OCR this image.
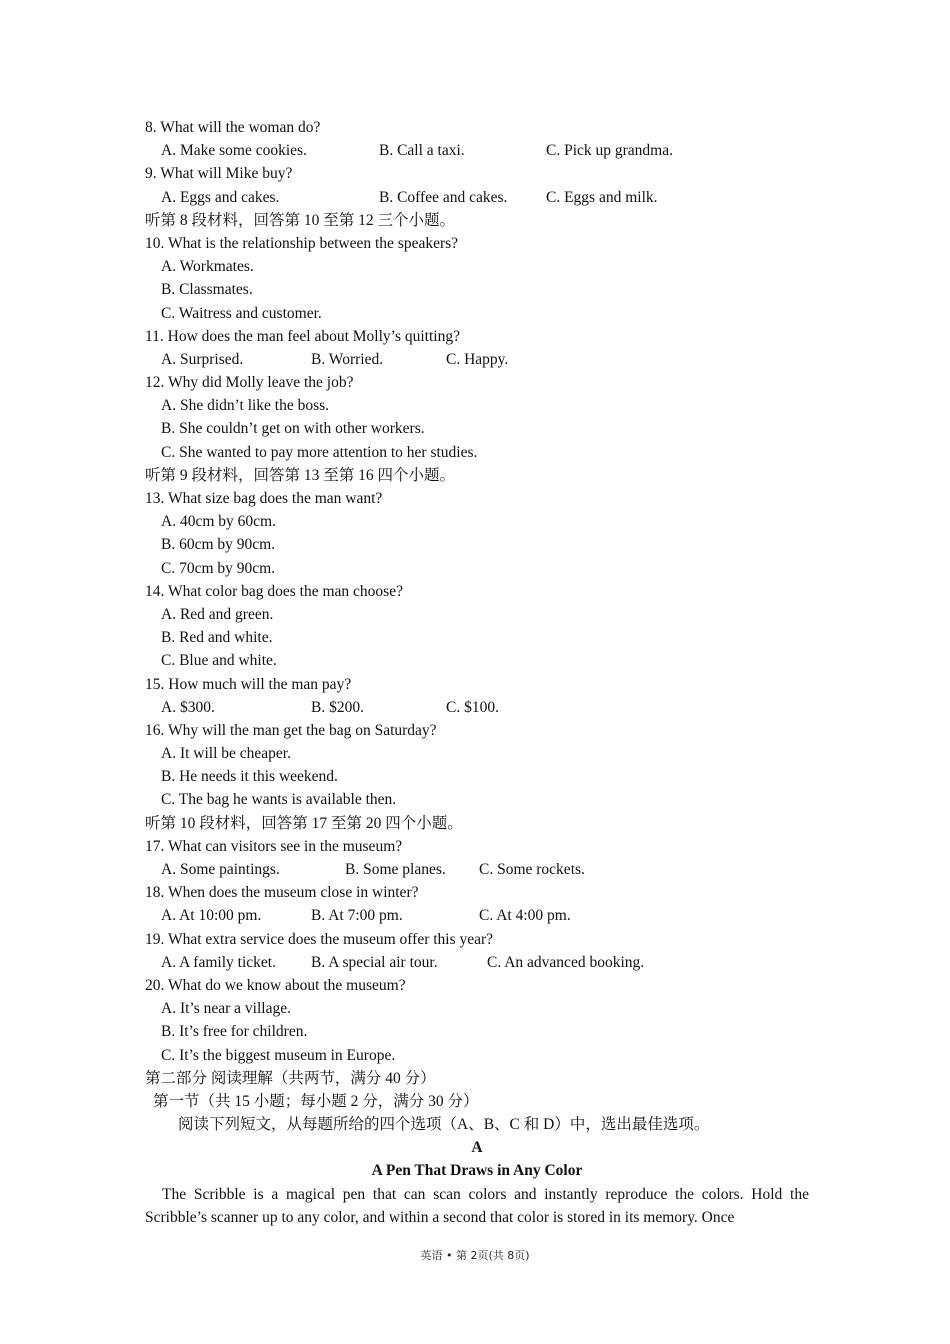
8. What will the woman do?
A. Make some cookies.	B. Call a taxi.	C. Pick up grandma.
9. What will Mike buy?
A. Eggs and cakes.	B. Coffee and cakes. C. Eggs and milk.
听第 8 段材料，回答第 10 至第 12 三个小题。
10. What is the relationship between the speakers?
A. Workmates.
B. Classmates.
C. Waitress and customer.
11. How does the man feel about Molly’s quitting?
A. Surprised.	B. Worried.	C. Happy.
12. Why did Molly leave the job?
A. She didn’t like the boss.
B. She couldn’t get on with other workers.
C. She wanted to pay more attention to her studies.
听第 9 段材料，回答第 13 至第 16 四个小题。
13. What size bag does the man want?
A. 40cm by 60cm.
B. 60cm by 90cm.
C. 70cm by 90cm.
14. What color bag does the man choose?
A. Red and green.
B. Red and white.
C. Blue and white.
15. How much will the man pay?
A. $300.	B. $200.	C. $100.
16. Why will the man get the bag on Saturday?
A. It will be cheaper.
B. He needs it this weekend.
C. The bag he wants is available then.
听第 10 段材料，回答第 17 至第 20 四个小题。
17. What can visitors see in the museum?
A. Some paintings.	B. Some planes. C. Some rockets.
18. When does the museum close in winter?
A. At 10:00 pm.	B. At 7:00 pm.	C. At 4:00 pm.
19. What extra service does the museum offer this year?
A. A family ticket. B. A special air tour.	C. An advanced booking.
20. What do we know about the museum?
A. It’s near a village.
B. It’s free for children.
C. It’s the biggest museum in Europe.
第二部分 阅读理解（共两节，满分 40 分）
第一节（共 15 小题；每小题 2 分，满分 30 分）
阅读下列短文，从每题所给的四个选项（A、B、C 和 D）中，选出最佳选项。
A
A Pen That Draws in Any Color
The Scribble is a magical pen that can scan colors and instantly reproduce the colors. Hold the Scribble’s scanner up to any color, and within a second that color is stored in its memory. Once
英语 • 第 2页(共 8页)
